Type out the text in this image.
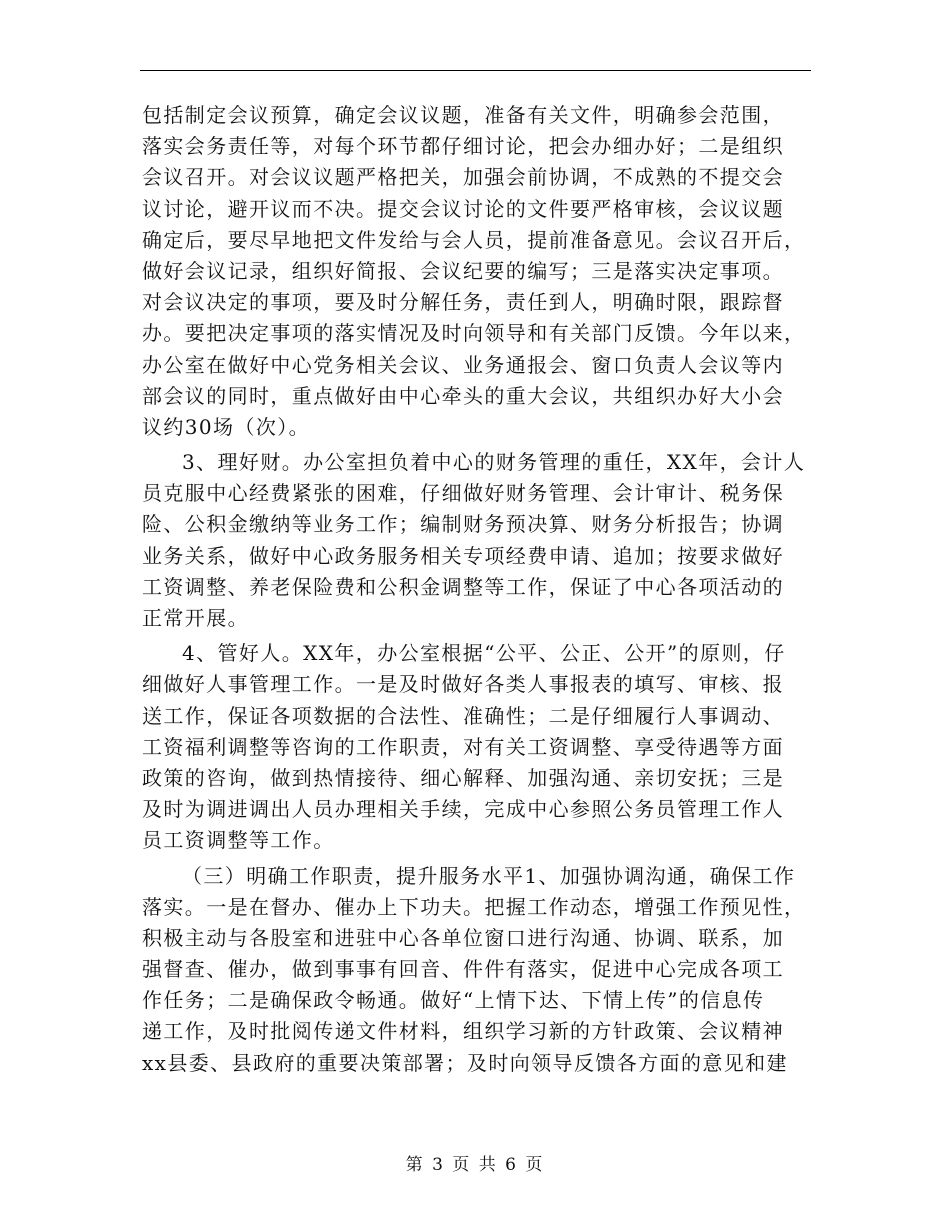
包括制定会议预算，确定会议议题，准备有关文件，明确参会范围，
落实会务责任等，对每个环节都仔细讨论，把会办细办好；二是组织
会议召开。对会议议题严格把关，加强会前协调，不成熟的不提交会
议讨论，避开议而不决。提交会议讨论的文件要严格审核，会议议题
确定后，要尽早地把文件发给与会人员，提前准备意见。会议召开后，
做好会议记录，组织好简报、会议纪要的编写；三是落实决定事项。
对会议决定的事项，要及时分解任务，责任到人，明确时限，跟踪督
办。要把决定事项的落实情况及时向领导和有关部门反馈。今年以来，
办公室在做好中心党务相关会议、业务通报会、窗口负责人会议等内
部会议的同时，重点做好由中心牵头的重大会议，共组织办好大小会
议约30场（次）。
3、理好财。办公室担负着中心的财务管理的重任，XX年，会计人
员克服中心经费紧张的困难，仔细做好财务管理、会计审计、税务保
险、公积金缴纳等业务工作；编制财务预决算、财务分析报告；协调
业务关系，做好中心政务服务相关专项经费申请、追加；按要求做好
工资调整、养老保险费和公积金调整等工作，保证了中心各项活动的
正常开展。
4、管好人。XX年，办公室根据“公平、公正、公开”的原则，仔
细做好人事管理工作。一是及时做好各类人事报表的填写、审核、报
送工作，保证各项数据的合法性、准确性；二是仔细履行人事调动、
工资福利调整等咨询的工作职责，对有关工资调整、享受待遇等方面
政策的咨询，做到热情接待、细心解释、加强沟通、亲切安抚；三是
及时为调进调出人员办理相关手续，完成中心参照公务员管理工作人
员工资调整等工作。
（三）明确工作职责，提升服务水平1、加强协调沟通，确保工作
落实。一是在督办、催办上下功夫。把握工作动态，增强工作预见性，
积极主动与各股室和进驻中心各单位窗口进行沟通、协调、联系，加
强督查、催办，做到事事有回音、件件有落实，促进中心完成各项工
作任务；二是确保政令畅通。做好“上情下达、下情上传”的信息传
递工作，及时批阅传递文件材料，组织学习新的方针政策、会议精神
xx县委、县政府的重要决策部署；及时向领导反馈各方面的意见和建
第 3 页 共 6 页
